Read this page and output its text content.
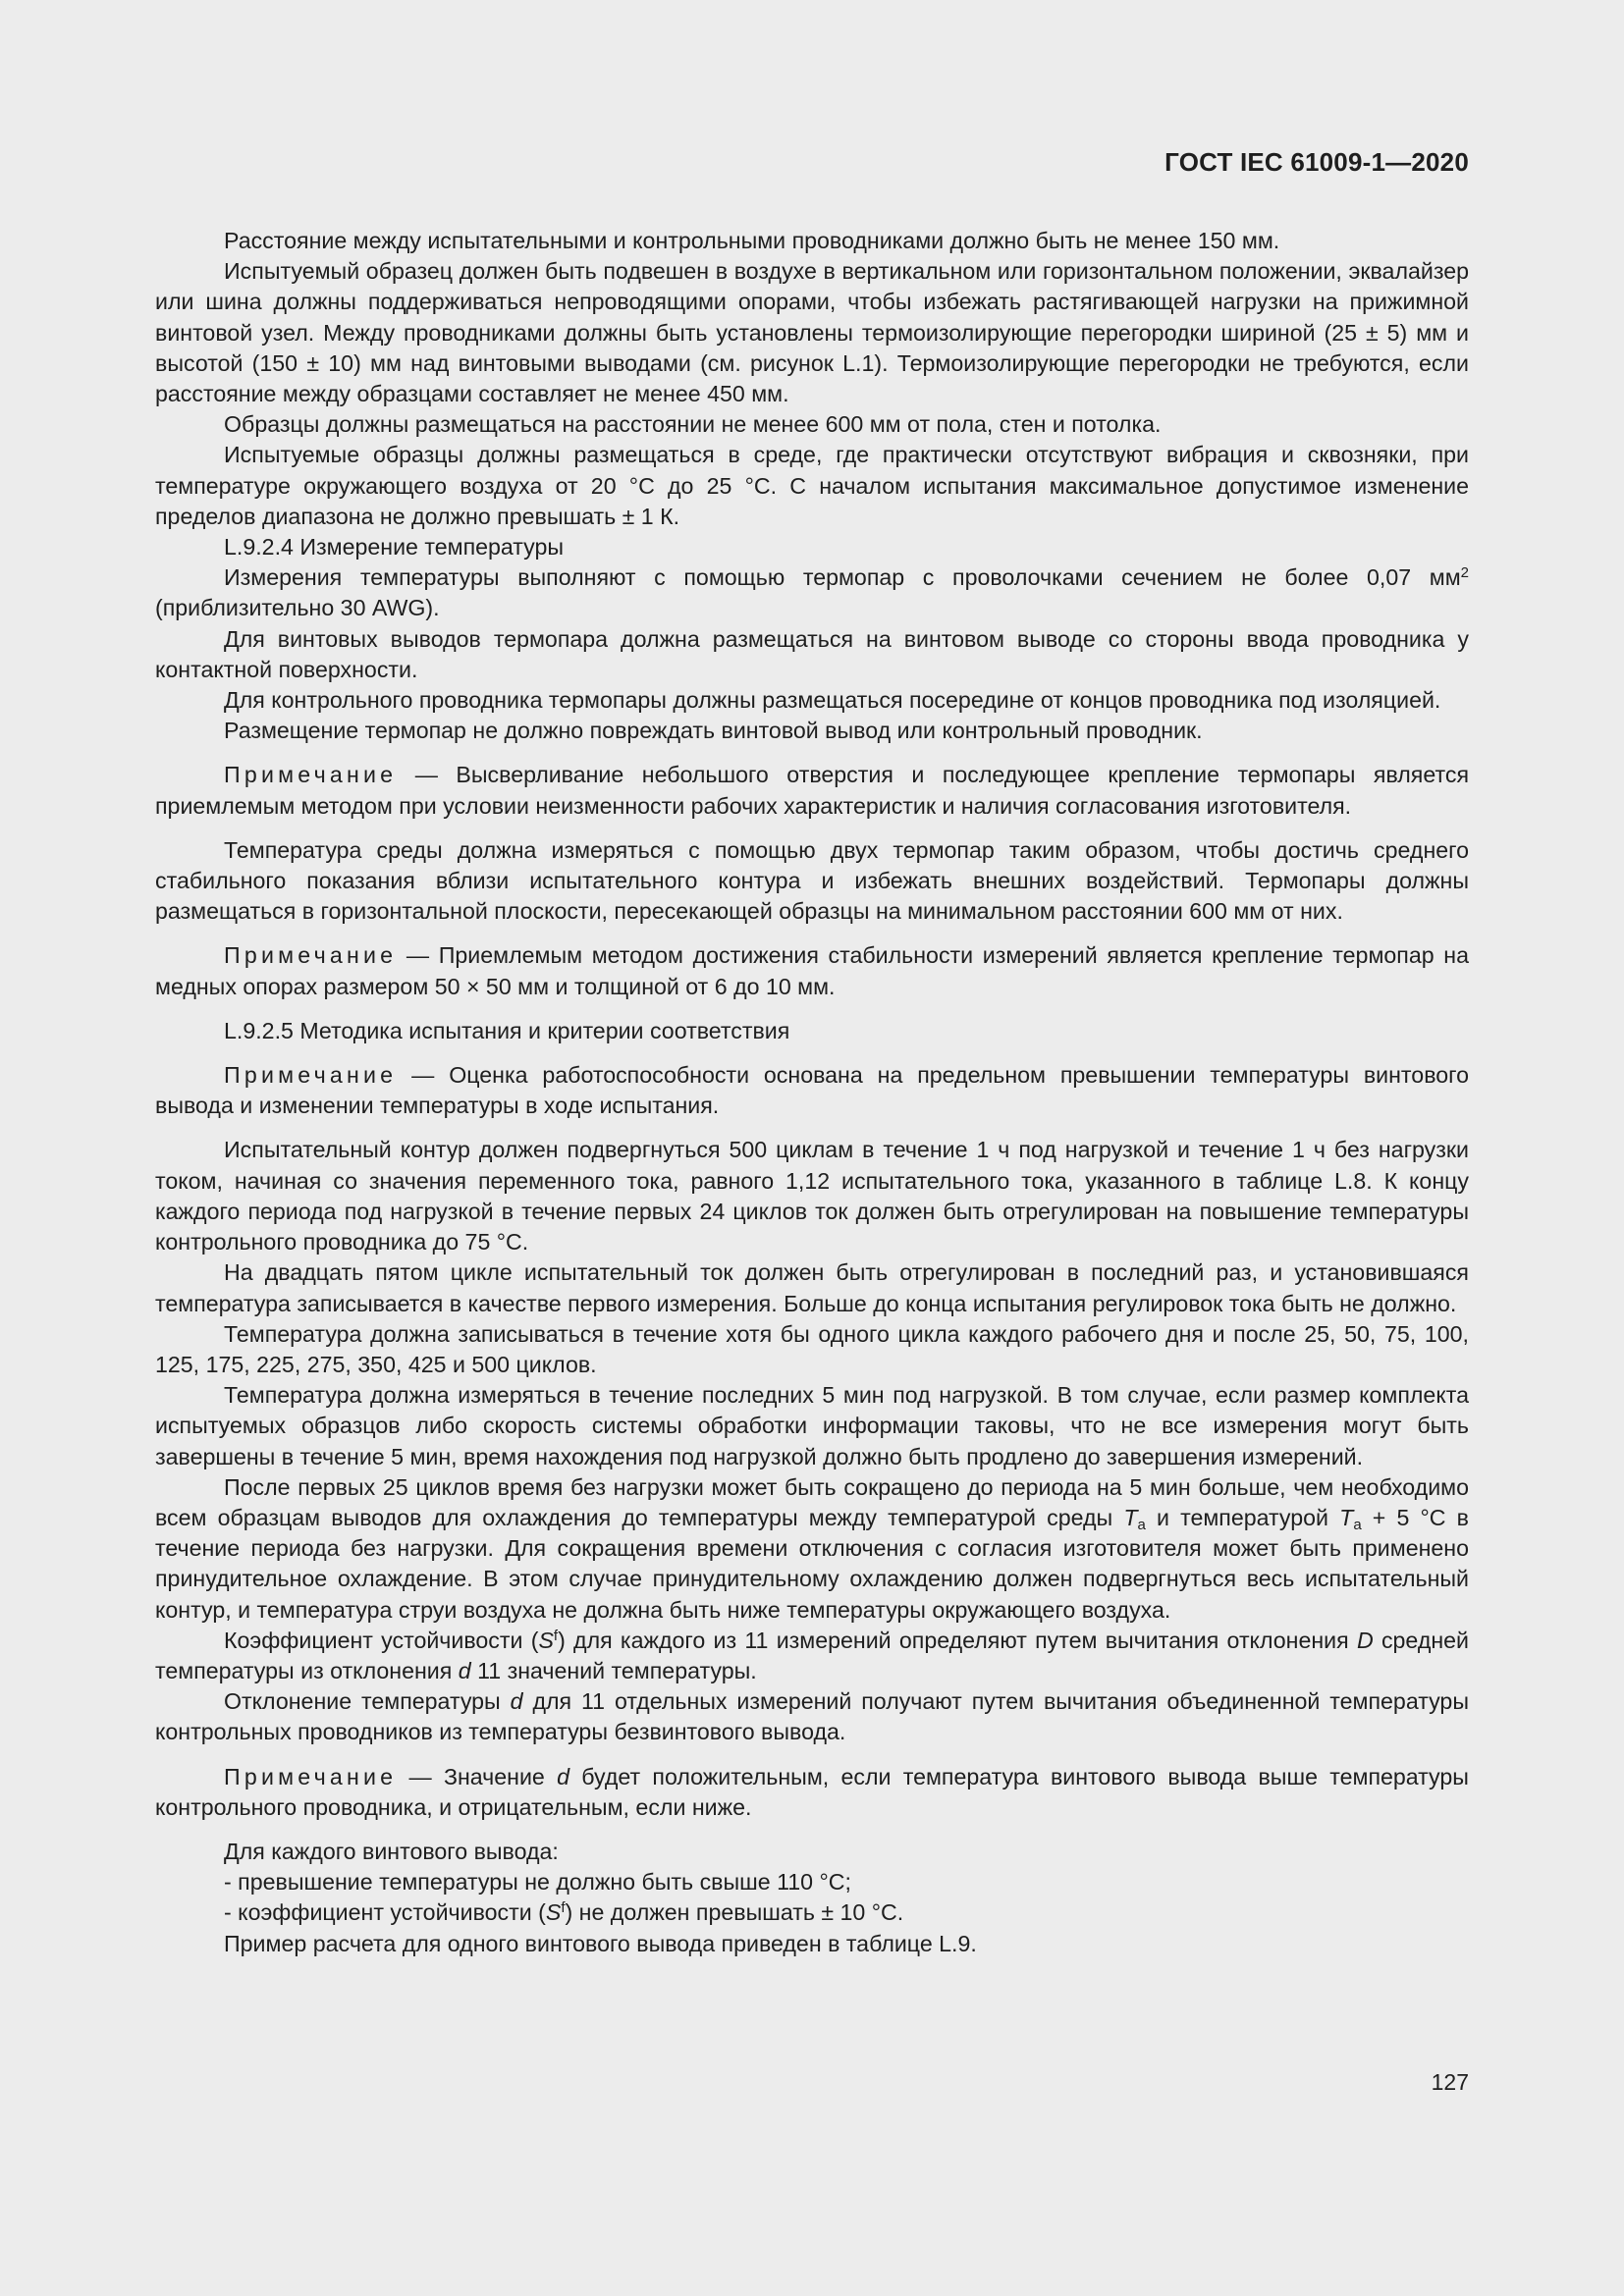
ГОСТ IEC 61009-1—2020

Расстояние между испытательными и контрольными проводниками должно быть не менее 150 мм.

Испытуемый образец должен быть подвешен в воздухе в вертикальном или горизонтальном положении, эквалайзер или шина должны поддерживаться непроводящими опорами, чтобы избежать растягивающей нагрузки на прижимной винтовой узел. Между проводниками должны быть установлены термоизолирующие перегородки шириной (25 ± 5) мм и высотой (150 ± 10) мм над винтовыми выводами (см. рисунок L.1). Термоизолирующие перегородки не требуются, если расстояние между образцами составляет не менее 450 мм.

Образцы должны размещаться на расстоянии не менее 600 мм от пола, стен и потолка.

Испытуемые образцы должны размещаться в среде, где практически отсутствуют вибрация и сквозняки, при температуре окружающего воздуха от 20 °C до 25 °C. С началом испытания максимальное допустимое изменение пределов диапазона не должно превышать ± 1 К.

L.9.2.4 Измерение температуры

Измерения температуры выполняют с помощью термопар с проволочками сечением не более 0,07 $мм^2$ (приблизительно 30 AWG).

Для винтовых выводов термопара должна размещаться на винтовом выводе со стороны ввода проводника у контактной поверхности.

Для контрольного проводника термопары должны размещаться посередине от концов проводника под изоляцией.

Размещение термопар не должно повреждать винтовой вывод или контрольный проводник.

Примечание — Высверливание небольшого отверстия и последующее крепление термопары является приемлемым методом при условии неизменности рабочих характеристик и наличия согласования изготовителя.

Температура среды должна измеряться с помощью двух термопар таким образом, чтобы достичь среднего стабильного показания вблизи испытательного контура и избежать внешних воздействий. Термопары должны размещаться в горизонтальной плоскости, пересекающей образцы на минимальном расстоянии 600 мм от них.

Примечание — Приемлемым методом достижения стабильности измерений является крепление термопар на медных опорах размером 50 × 50 мм и толщиной от 6 до 10 мм.

L.9.2.5 Методика испытания и критерии соответствия

Примечание — Оценка работоспособности основана на предельном превышении температуры винтового вывода и изменении температуры в ходе испытания.

Испытательный контур должен подвергнуться 500 циклам в течение 1 ч под нагрузкой и течение 1 ч без нагрузки током, начиная со значения переменного тока, равного 1,12 испытательного тока, указанного в таблице L.8. К концу каждого периода под нагрузкой в течение первых 24 циклов ток должен быть отрегулирован на повышение температуры контрольного проводника до 75 °C.

На двадцать пятом цикле испытательный ток должен быть отрегулирован в последний раз, и установившаяся температура записывается в качестве первого измерения. Больше до конца испытания регулировок тока быть не должно.

Температура должна записываться в течение хотя бы одного цикла каждого рабочего дня и после 25, 50, 75, 100, 125, 175, 225, 275, 350, 425 и 500 циклов.

Температура должна измеряться в течение последних 5 мин под нагрузкой. В том случае, если размер комплекта испытуемых образцов либо скорость системы обработки информации таковы, что не все измерения могут быть завершены в течение 5 мин, время нахождения под нагрузкой должно быть продлено до завершения измерений.

После первых 25 циклов время без нагрузки может быть сокращено до периода на 5 мин больше, чем необходимо всем образцам выводов для охлаждения до температуры между температурой среды $T_a$ и температурой $T_a + 5$ °C в течение периода без нагрузки. Для сокращения времени отключения с согласия изготовителя может быть применено принудительное охлаждение. В этом случае принудительному охлаждению должен подвергнуться весь испытательный контур, и температура струи воздуха не должна быть ниже температуры окружающего воздуха.

Коэффициент устойчивости $(S^f)$ для каждого из 11 измерений определяют путем вычитания отклонения D средней температуры из отклонения d 11 значений температуры.

Отклонение температуры d для 11 отдельных измерений получают путем вычитания объединенной температуры контрольных проводников из температуры безвинтового вывода.

Примечание — Значение d будет положительным, если температура винтового вывода выше температуры контрольного проводника, и отрицательным, если ниже.

Для каждого винтового вывода:

- превышение температуры не должно быть свыше 110 °C;

- коэффициент устойчивости $(S^f)$ не должен превышать ± 10 °C.

Пример расчета для одного винтового вывода приведен в таблице L.9.

127
